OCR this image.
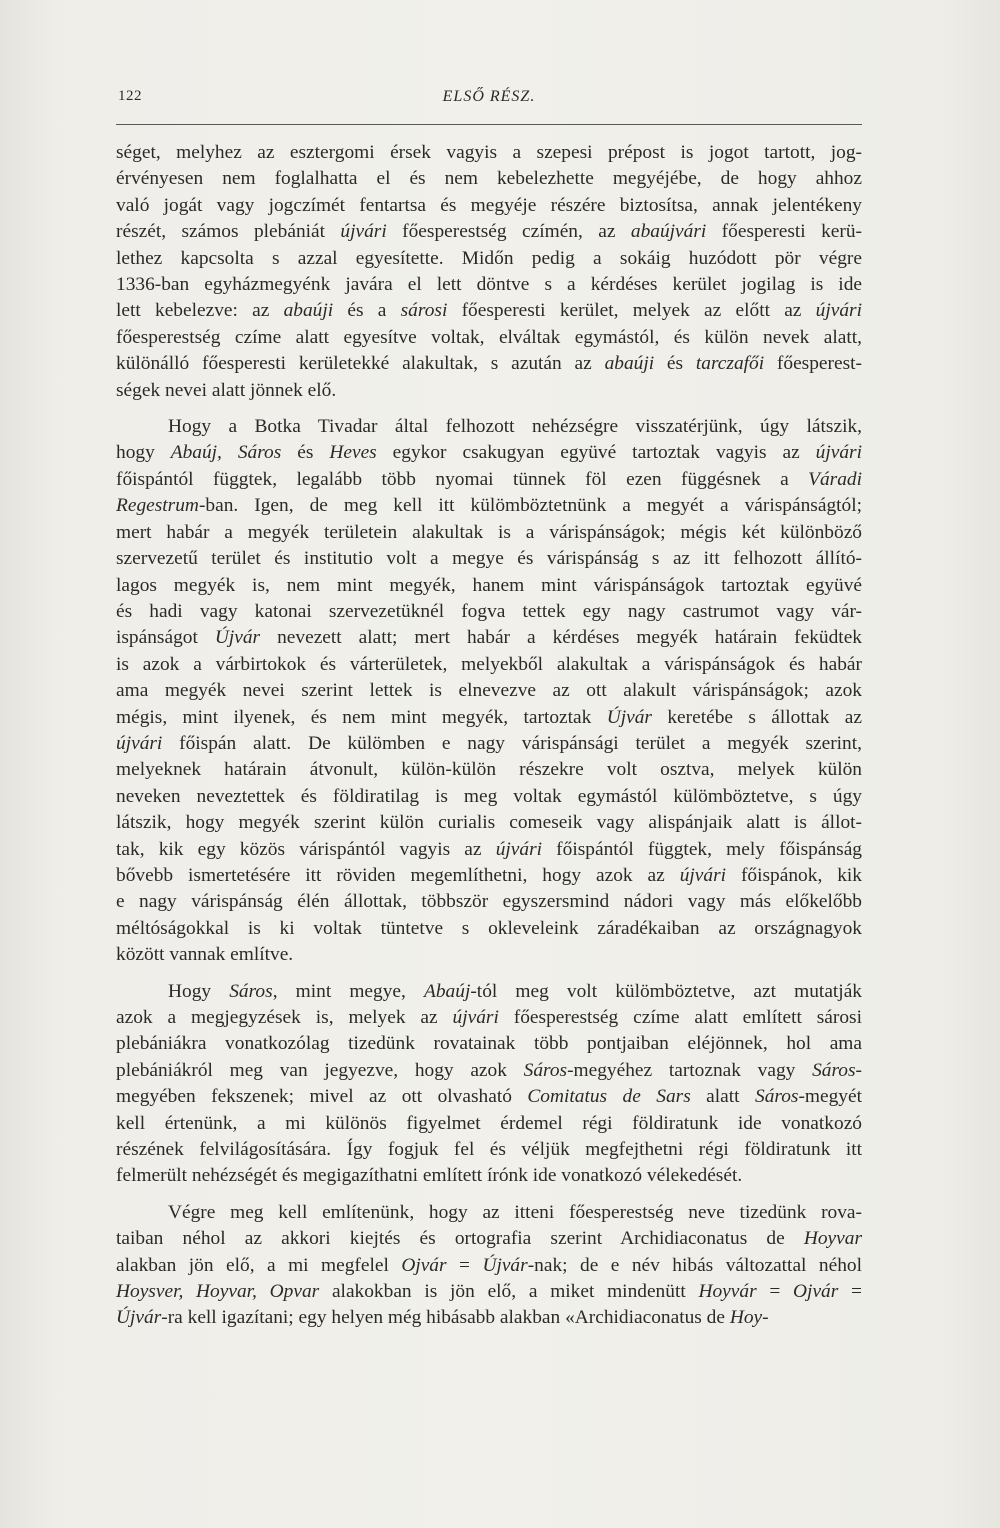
122	ELSŐ RÉSZ.
séget, melyhez az esztergomi érsek vagyis a szepesi prépost is jogot tartott, jog-
érvényesen nem foglalhatta el és nem kebelezhette megyéjébe, de hogy ahhoz
való jogát vagy jogczímét fentartsa és megyéje részére biztosítsa, annak jelentékeny
részét, számos plebániát újvári főesperestség czímén, az abaújvári főesperesti kerü-
lethez kapcsolta s azzal egyesítette. Midőn pedig a sokáig huzódott pör végre
1336-ban egyházmegyénk javára el lett döntve s a kérdéses kerület jogilag is ide
lett kebelezve: az abaúji és a sárosi főesperesti kerület, melyek az előtt az újvári
főesperestség czíme alatt egyesítve voltak, elváltak egymástól, és külön nevek alatt,
különálló főesperesti kerületekké alakultak, s azután az abaúji és tarczafői főesperest-
ségek nevei alatt jönnek elő.
Hogy a Botka Tivadar által felhozott nehézségre visszatérjünk, úgy látszik,
hogy Abaúj, Sáros és Heves egykor csakugyan együvé tartoztak vagyis az újvári
főispántól függtek, legalább több nyomai tünnek föl ezen függésnek a Váradi
Regestrum-ban. Igen, de meg kell itt külömböztetnünk a megyét a várispánságtól;
mert habár a megyék területein alakultak is a várispánságok; mégis két különböző
szervezetű terület és institutio volt a megye és várispánság s az itt felhozott állító-
lagos megyék is, nem mint megyék, hanem mint várispánságok tartoztak együvé
és hadi vagy katonai szervezetüknél fogva tettek egy nagy castrumot vagy vár-
ispánságot Újvár nevezett alatt; mert habár a kérdéses megyék határain feküdtek
is azok a várbirtokok és várterületek, melyekből alakultak a várispánságok és habár
ama megyék nevei szerint lettek is elnevezve az ott alakult várispánságok; azok
mégis, mint ilyenek, és nem mint megyék, tartoztak Újvár keretébe s állottak az
újvári főispán alatt. De külömben e nagy várispánsági terület a megyék szerint,
melyeknek határain átvonult, külön-külön részekre volt osztva, melyek külön
neveken neveztettek és földiratilag is meg voltak egymástól külömböztetve, s úgy
látszik, hogy megyék szerint külön curialis comeseik vagy alispánjaik alatt is állot-
tak, kik egy közös várispántól vagyis az újvári főispántól függtek, mely főispánság
bővebb ismertetésére itt röviden megemlíthetni, hogy azok az újvári főispánok, kik
e nagy várispánság élén állottak, többször egyszersmind nádori vagy más előkelőbb
méltóságokkal is ki voltak tüntetve s okleveleink záradékaiban az országnagyok
között vannak említve.
Hogy Sáros, mint megye, Abaúj-tól meg volt külömböztetve, azt mutatják
azok a megjegyzések is, melyek az újvári főesperestség czíme alatt említett sárosi
plebániákra vonatkozólag tizedünk rovatainak több pontjaiban eléjönnek, hol ama
plebániákról meg van jegyezve, hogy azok Sáros-megyéhez tartoznak vagy Sáros-
megyében fekszenek; mivel az ott olvasható Comitatus de Sars alatt Sáros-megyét
kell értenünk, a mi különös figyelmet érdemel régi földiratunk ide vonatkozó
részének felvilágosítására. Így fogjuk fel és véljük megfejthetni régi földiratunk itt
felmerült nehézségét és megigazíthatni említett írónk ide vonatkozó vélekedését.
Végre meg kell említenünk, hogy az itteni főesperestség neve tizedünk rova-
taiban néhol az akkori kiejtés és ortografia szerint Archidiaconatus de Hoyvar
alakban jön elő, a mi megfelel Ojvár = Újvár-nak; de e név hibás változattal néhol
Hoysver, Hoyvar, Opvar alakokban is jön elő, a miket mindenütt Hoyvár = Ojvár =
Újvár-ra kell igazítani; egy helyen még hibásabb alakban «Archidiaconatus de Hoy-
